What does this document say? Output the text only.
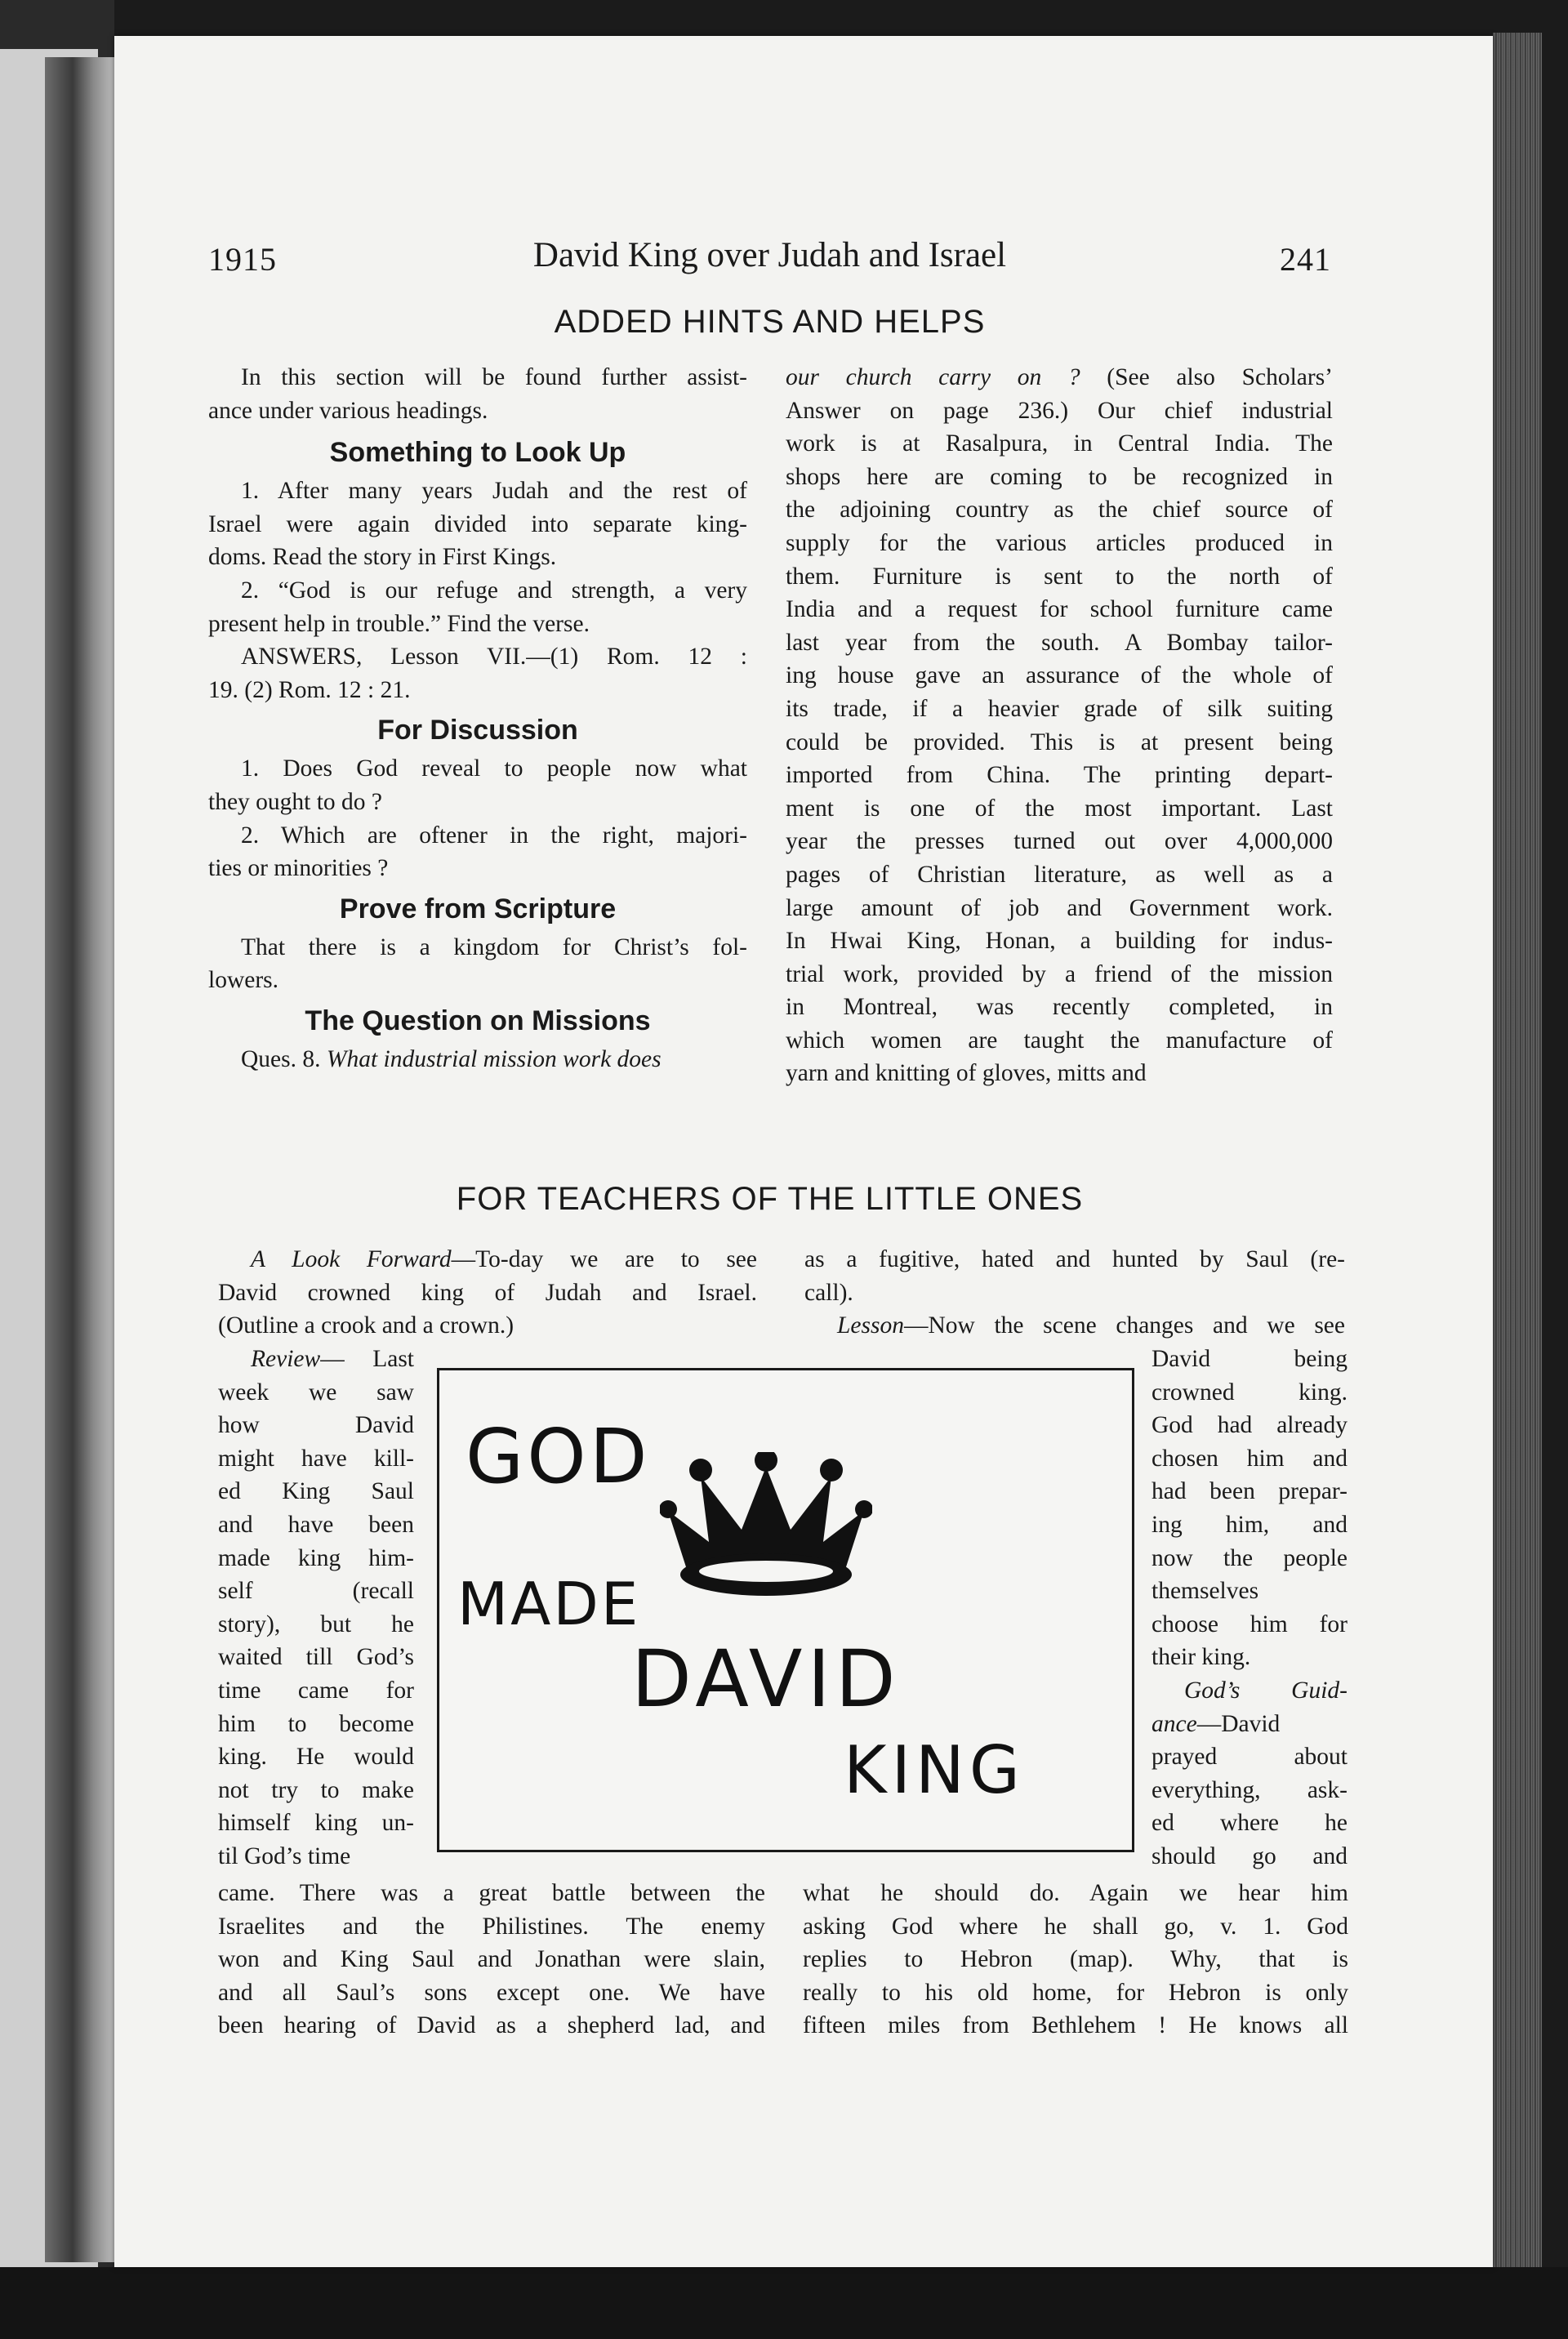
1915	David King over Judah and Israel	241
ADDED HINTS AND HELPS

In this section will be found further assist-

ance under various headings.

Something to Look Up

1. After many years Judah and the rest of

Israel were again divided into separate king-

doms. Read the story in First Kings.

2. “God is our refuge and strength, a very

present help in trouble.” Find the verse.

ANSWERS, Lesson VII.—(1) Rom. 12 :

19. (2) Rom. 12 : 21.

For Discussion

1. Does God reveal to people now what

they ought to do ?

2. Which are oftener in the right, majori-

ties or minorities ?

Prove from Scripture

That there is a kingdom for Christ’s fol-

lowers.

The Question on Missions

Ques. 8. What industrial mission work does

our church carry on ? (See also Scholars’

Answer on page 236.) Our chief industrial

work is at Rasalpura, in Central India. The

shops here are coming to be recognized in

the adjoining country as the chief source of

supply for the various articles produced in

them. Furniture is sent to the north of

India and a request for school furniture came

last year from the south. A Bombay tailor-

ing house gave an assurance of the whole of

its trade, if a heavier grade of silk suiting

could be provided. This is at present being

imported from China. The printing depart-

ment is one of the most important. Last

year the presses turned out over 4,000,000

pages of Christian literature, as well as a

large amount of job and Government work.

In Hwai King, Honan, a building for indus-

trial work, provided by a friend of the mission

in Montreal, was recently completed, in

which women are taught the manufacture of

yarn and knitting of gloves, mitts and

FOR TEACHERS OF THE LITTLE ONES

A Look Forward—To-day we are to see

David crowned king of Judah and Israel.

(Outline a crook and a crown.)

Review— Last

week we saw

how David

might have kill-

ed King Saul

and have been

made king him-

self (recall

story), but he

waited till God’s

time came for

him to become

king. He would

not try to make

himself king un-

til God’s time

GOD
MADE
DAVID
KING

as a fugitive, hated and hunted by Saul (re-

call).

Lesson—Now the scene changes and we see

David being

crowned king.

God had already

chosen him and

had been prepar-

ing him, and

now the people

themselves

choose him for

their king.

God’s Guid-

ance—David

prayed about

everything, ask-

ed where he

should go and

came. There was a great battle between the

Israelites and the Philistines. The enemy

won and King Saul and Jonathan were slain,

and all Saul’s sons except one. We have

been hearing of David as a shepherd lad, and

what he should do. Again we hear him

asking God where he shall go, v. 1. God

replies to Hebron (map). Why, that is

really to his old home, for Hebron is only

fifteen miles from Bethlehem ! He knows all
